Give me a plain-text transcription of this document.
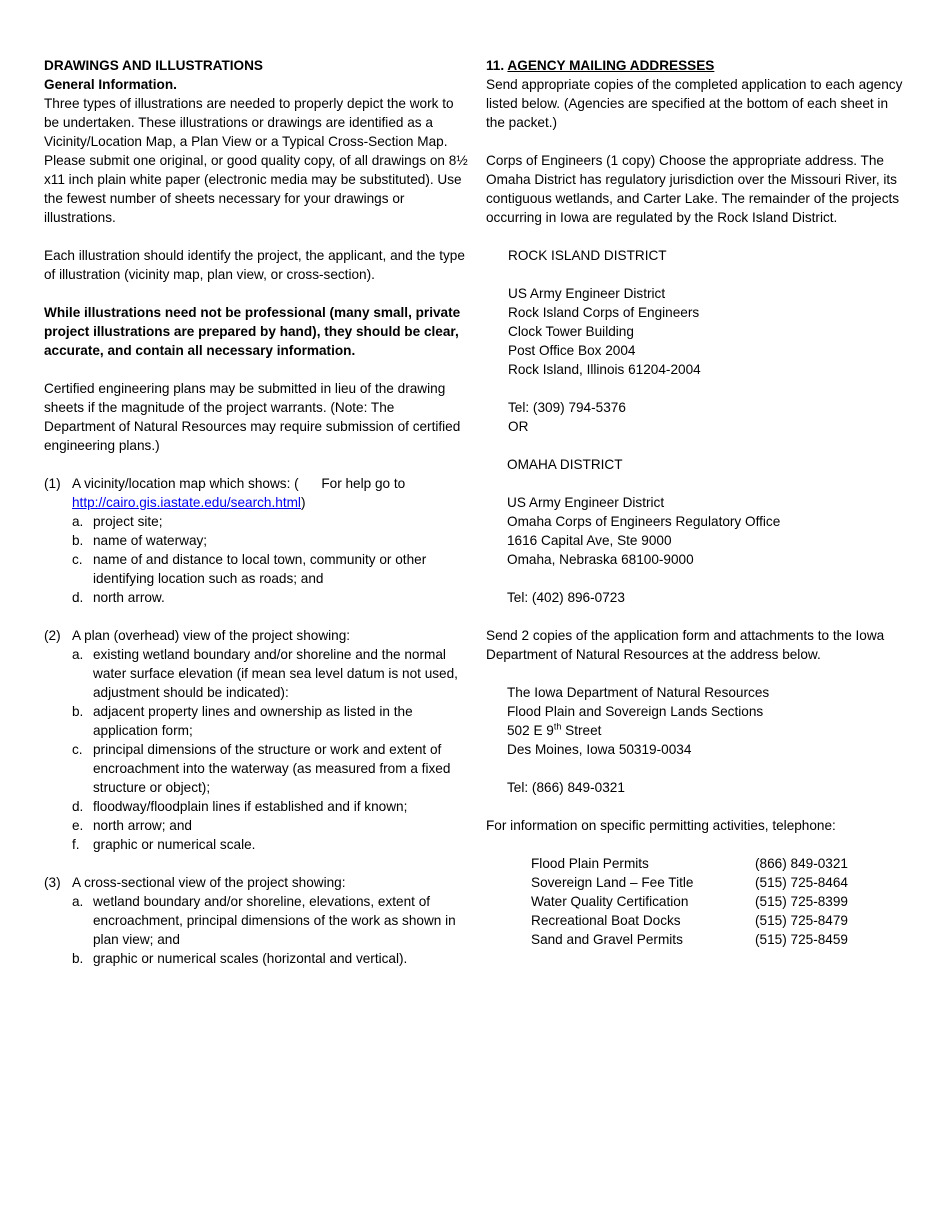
DRAWINGS AND ILLUSTRATIONS

General Information.

Three types of illustrations are needed to properly depict the work to be undertaken. These illustrations or drawings are identified as a Vicinity/Location Map, a Plan View or a Typical Cross-Section Map. Please submit one original, or good quality copy, of all drawings on 8½ x11 inch plain white paper (electronic media may be substituted). Use the fewest number of sheets necessary for your drawings or illustrations.

Each illustration should identify the project, the applicant, and the type of illustration (vicinity map, plan view, or cross-section).

While illustrations need not be professional (many small, private project illustrations are prepared by hand), they should be clear, accurate, and contain all necessary information.

Certified engineering plans may be submitted in lieu of the drawing sheets if the magnitude of the project warrants. (Note: The Department of Natural Resources may require submission of certified engineering plans.)

(1) A vicinity/location map which shows: ( For help go to
http://cairo.gis.iastate.edu/search.html)
a. project site;
b. name of waterway;
c. name of and distance to local town, community or other identifying location such as roads; and
d. north arrow.
(2) A plan (overhead) view of the project showing:
a. existing wetland boundary and/or shoreline and the normal water surface elevation (if mean sea level datum is not used, adjustment should be indicated):
b. adjacent property lines and ownership as listed in the application form;
c. principal dimensions of the structure or work and extent of encroachment into the waterway (as measured from a fixed structure or object);
d. floodway/floodplain lines if established and if known;
e. north arrow; and
f. graphic or numerical scale.
(3) A cross-sectional view of the project showing:
a. wetland boundary and/or shoreline, elevations, extent of encroachment, principal dimensions of the work as shown in plan view; and
b. graphic or numerical scales (horizontal and vertical).

11. AGENCY MAILING ADDRESSES

Send appropriate copies of the completed application to each agency listed below. (Agencies are specified at the bottom of each sheet in the packet.)

Corps of Engineers (1 copy) Choose the appropriate address. The Omaha District has regulatory jurisdiction over the Missouri River, its contiguous wetlands, and Carter Lake. The remainder of the projects occurring in Iowa are regulated by the Rock Island District.

ROCK ISLAND DISTRICT

US Army Engineer District

Rock Island Corps of Engineers

Clock Tower Building

Post Office Box 2004

Rock Island, Illinois 61204-2004

Tel: (309) 794-5376

OR

OMAHA DISTRICT

US Army Engineer District

Omaha Corps of Engineers Regulatory Office

1616 Capital Ave, Ste 9000

Omaha, Nebraska 68100-9000

Tel: (402) 896-0723

Send 2 copies of the application form and attachments to the Iowa Department of Natural Resources at the address below.

The Iowa Department of Natural Resources

Flood Plain and Sovereign Lands Sections

502 E 9th Street

Des Moines, Iowa 50319-0034

Tel: (866) 849-0321

For information on specific permitting activities, telephone:

Flood Plain Permits	(866) 849-0321
Sovereign Land – Fee Title	(515) 725-8464
Water Quality Certification	(515) 725-8399
Recreational Boat Docks	(515) 725-8479
Sand and Gravel Permits	(515) 725-8459
